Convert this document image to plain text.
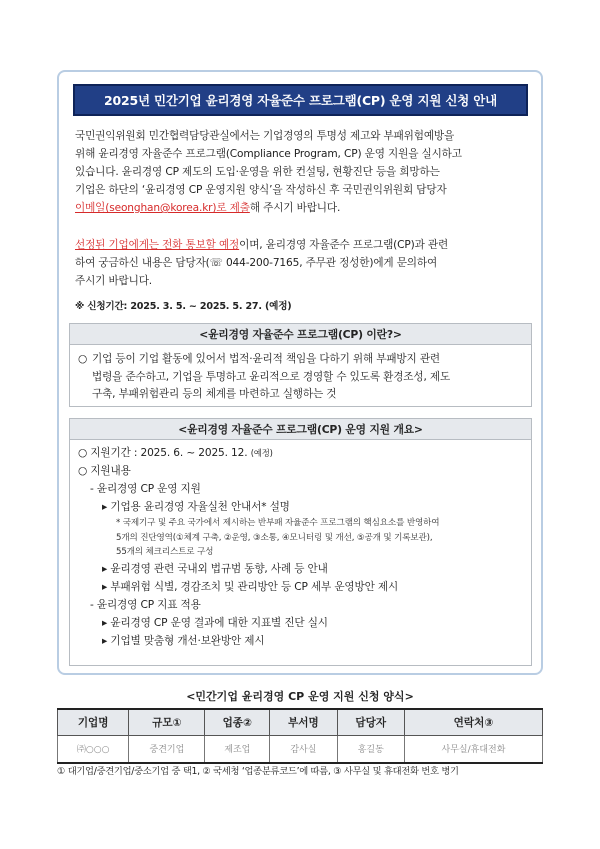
2025년 민간기업 윤리경영 자율준수 프로그램(CP) 운영 지원 신청 안내
국민권익위원회 민간협력담당관실에서는 기업경영의 투명성 제고와 부패위험예방을
위해 윤리경영 자율준수 프로그램(Compliance Program, CP) 운영 지원을 실시하고
있습니다. 윤리경영 CP 제도의 도입·운영을 위한 컨설팅, 현황진단 등을 희망하는
기업은 하단의 ‘윤리경영 CP 운영지원 양식’을 작성하신 후 국민권익위원회 담당자
이메일(seonghan@korea.kr)로 제출해 주시기 바랍니다.
선정된 기업에게는 전화 통보할 예정이며, 윤리경영 자율준수 프로그램(CP)과 관련
하여 궁금하신 내용은 담당자(☏ 044-200-7165, 주무관 정성한)에게 문의하여
주시기 바랍니다.
※ 신청기간: 2025. 3. 5. ~ 2025. 5. 27. (예정)
<윤리경영 자율준수 프로그램(CP) 이란?>
○ 기업 등이 기업 활동에 있어서 법적·윤리적 책임을 다하기 위해 부패방지 관련
법령을 준수하고, 기업을 투명하고 윤리적으로 경영할 수 있도록 환경조성, 제도
구축, 부패위험관리 등의 체계를 마련하고 실행하는 것
<윤리경영 자율준수 프로그램(CP) 운영 지원 개요>
○ 지원기간 : 2025. 6. ~ 2025. 12. (예정)
○ 지원내용
- 윤리경영 CP 운영 지원
▸ 기업용 윤리경영 자율실천 안내서* 설명
* 국제기구 및 주요 국가에서 제시하는 반부패 자율준수 프로그램의 핵심요소를 반영하여
5개의 진단영역(①체계 구축, ②운영, ③소통, ④모니터링 및 개선, ⑤공개 및 기록보관),
55개의 체크리스트로 구성
▸ 윤리경영 관련 국내외 법규범 동향, 사례 등 안내
▸ 부패위험 식별, 경감조치 및 관리방안 등 CP 세부 운영방안 제시
- 윤리경영 CP 지표 적용
▸ 윤리경영 CP 운영 결과에 대한 지표별 진단 실시
▸ 기업별 맞춤형 개선·보완방안 제시
<민간기업 윤리경영 CP 운영 지원 신청 양식>
기업명	규모①	업종②	부서명	담당자	연락처③
㈜○○○	중견기업	제조업	감사실	홍길동	사무실/휴대전화
① 대기업/중견기업/중소기업 중 택1, ② 국세청 ‘업종분류코드’에 따름, ③ 사무실 및 휴대전화 번호 병기
